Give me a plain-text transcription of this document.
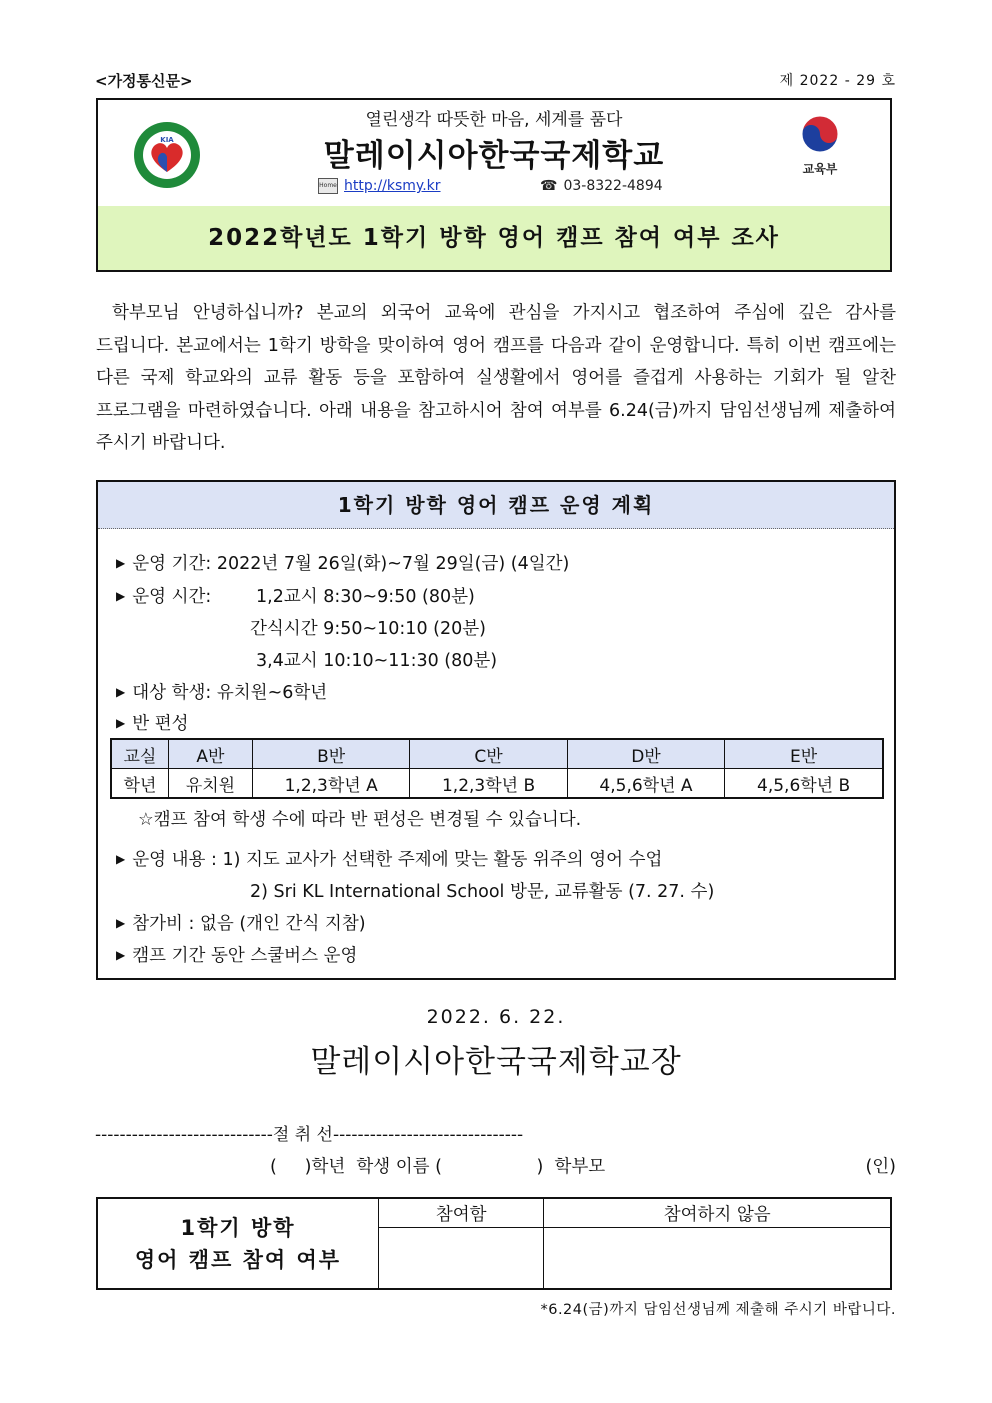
<가정통신문>	제 2022 - 29 호
KIA
열린생각 따뜻한 마음, 세계를 품다
말레이시아한국국제학교
Home http://ksmy.kr	☎ 03-8322-4894
교육부
2022학년도 1학기 방학 영어 캠프 참여 여부 조사

학부모님 안녕하십니까? 본교의 외국어 교육에 관심을 가지시고 협조하여 주심에 깊은 감사를 드립니다. 본교에서는 1학기 방학을 맞이하여 영어 캠프를 다음과 같이 운영합니다. 특히 이번 캠프에는 다른 국제 학교와의 교류 활동 등을 포함하여 실생활에서 영어를 즐겁게 사용하는 기회가 될 알찬 프로그램을 마련하였습니다. 아래 내용을 참고하시어 참여 여부를 6.24(금)까지 담임선생님께 제출하여 주시기 바랍니다.

1학기 방학 영어 캠프 운영 계획
▶ 운영 기간: 2022년 7월 26일(화)~7월 29일(금) (4일간)
▶ 운영 시간:	1,2교시 8:30~9:50 (80분)
간식시간 9:50~10:10 (20분)
3,4교시 10:10~11:30 (80분)
▶ 대상 학생: 유치원~6학년
▶ 반 편성
교실	A반	B반	C반	D반	E반
학년	유치원	1,2,3학년 A	1,2,3학년 B	4,5,6학년 A	4,5,6학년 B
☆캠프 참여 학생 수에 따라 반 편성은 변경될 수 있습니다.
▶ 운영 내용 : 1) 지도 교사가 선택한 주제에 맞는 활동 위주의 영어 수업
2) Sri KL International School 방문, 교류활동 (7. 27. 수)
▶ 참가비 : 없음 (개인 간식 지참)
▶ 캠프 기간 동안 스쿨버스 운영
2022. 6. 22.
말레이시아한국국제학교장
-----------------------------절 취 선-------------------------------
(     )학년  학생 이름 (                 )  학부모	(인)
1학기 방학
영어 캠프 참여 여부	참여함	참여하지 않음

*6.24(금)까지 담임선생님께 제출해 주시기 바랍니다.
